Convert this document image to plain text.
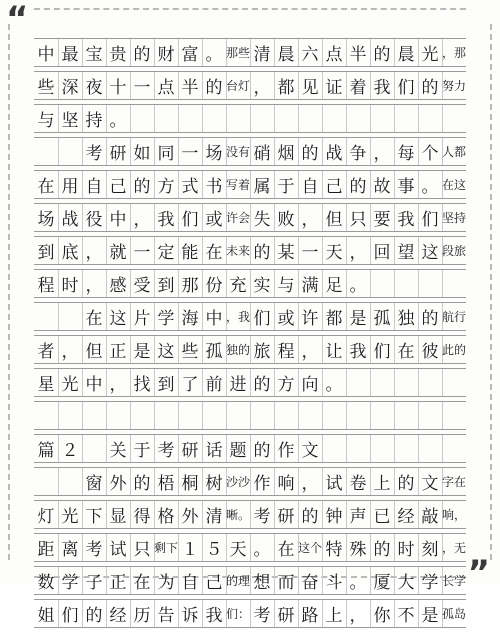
“
”
中 最 宝 贵 的 财 富 。 那些 清 晨 六 点 半 的 晨 光 ，那
些 深 夜 十 一 点 半 的 台灯 ， 都 见 证 着 我 们 的 努力
与 坚 持 。

考 研 如 同 一 场 没有 硝 烟 的 战 争 ， 每 个 人都
在 用 自 己 的 方 式 书 写着 属 于 自 己 的 故 事 。 在这
场 战 役 中 ， 我 们 或 许会 失 败 ， 但 只 要 我 们 坚持
到 底 ， 就 一 定 能 在 未来 的 某 一 天 ， 回 望 这 段旅
程 时 ， 感 受 到 那 份 充 实 与 满 足 。

在 这 片 学 海 中 ，我 们 或 许 都 是 孤 独 的 航行
者 ， 但 正 是 这 些 孤 独的 旅 程 ， 让 我 们 在 彼 此的
星 光 中 ， 找 到 了 前 进 的 方 向 。
篇 ２
　 关 于 考 研 话 题 的 作 文

窗 外 的 梧 桐 树 沙沙 作 响 ， 试 卷 上 的 文 字在
灯 光 下 显 得 格 外 清 晰。 考 研 的 钟 声 已 经 敲 响，
距 离 考 试 只 剩下 １ ５ 天 。 在 这个 特 殊 的 时 刻 ，无
数 学 子 正 在 为 自 己 的理 想 而 奋 斗 。 厦 大 学 长学
姐 们 的 经 历 告 诉 我 们： 考 研 路 上 ， 你 不 是 孤岛
